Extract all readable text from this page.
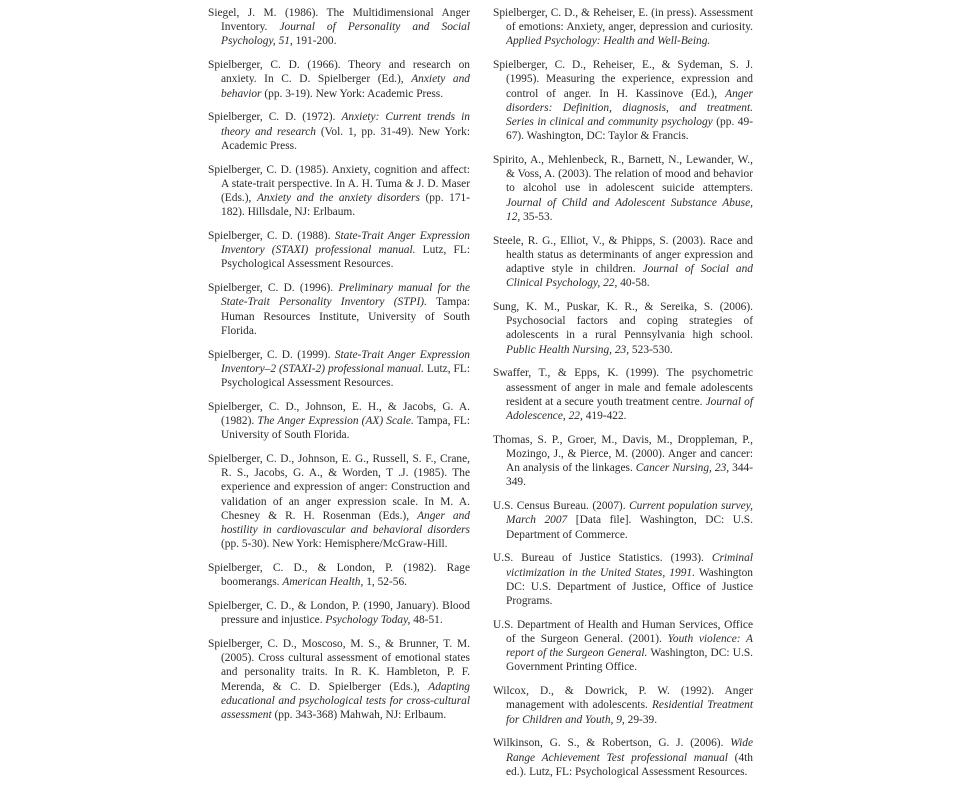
Siegel, J. M. (1986). The Multidimensional Anger Inventory. Journal of Personality and Social Psychology, 51, 191-200.

Spielberger, C. D. (1966). Theory and research on anxiety. In C. D. Spielberger (Ed.), Anxiety and behavior (pp. 3-19). New York: Academic Press.

Spielberger, C. D. (1972). Anxiety: Current trends in theory and research (Vol. 1, pp. 31-49). New York: Academic Press.

Spielberger, C. D. (1985). Anxiety, cognition and affect: A state-trait perspective. In A. H. Tuma & J. D. Maser (Eds.), Anxiety and the anxiety disorders (pp. 171-182). Hillsdale, NJ: Erlbaum.

Spielberger, C. D. (1988). State-Trait Anger Expression Inventory (STAXI) professional manual. Lutz, FL: Psychological Assessment Resources.

Spielberger, C. D. (1996). Preliminary manual for the State-Trait Personality Inventory (STPI). Tampa: Human Resources Institute, University of South Florida.

Spielberger, C. D. (1999). State-Trait Anger Expression Inventory–2 (STAXI-2) professional manual. Lutz, FL: Psychological Assessment Resources.

Spielberger, C. D., Johnson, E. H., & Jacobs, G. A. (1982). The Anger Expression (AX) Scale. Tampa, FL: University of South Florida.

Spielberger, C. D., Johnson, E. G., Russell, S. F., Crane, R. S., Jacobs, G. A., & Worden, T .J. (1985). The experience and expression of anger: Construction and validation of an anger expression scale. In M. A. Chesney & R. H. Rosenman (Eds.), Anger and hostility in cardiovascular and behavioral disorders (pp. 5-30). New York: Hemisphere/McGraw-Hill.

Spielberger, C. D., & London, P. (1982). Rage boomerangs. American Health, 1, 52-56.

Spielberger, C. D., & London, P. (1990, January). Blood pressure and injustice. Psychology Today, 48-51.

Spielberger, C. D., Moscoso, M. S., & Brunner, T. M. (2005). Cross cultural assessment of emotional states and personality traits. In R. K. Hambleton, P. F. Merenda, & C. D. Spielberger (Eds.), Adapting educational and psychological tests for cross-cultural assessment (pp. 343-368) Mahwah, NJ: Erlbaum.

Spielberger, C. D., & Reheiser, E. (in press). Assessment of emotions: Anxiety, anger, depression and curiosity. Applied Psychology: Health and Well-Being.

Spielberger, C. D., Reheiser, E., & Sydeman, S. J. (1995). Measuring the experience, expression and control of anger. In H. Kassinove (Ed.), Anger disorders: Definition, diagnosis, and treatment. Series in clinical and community psychology (pp. 49-67). Washington, DC: Taylor & Francis.

Spirito, A., Mehlenbeck, R., Barnett, N., Lewander, W., & Voss, A. (2003). The relation of mood and behavior to alcohol use in adolescent suicide attempters. Journal of Child and Adolescent Substance Abuse, 12, 35-53.

Steele, R. G., Elliot, V., & Phipps, S. (2003). Race and health status as determinants of anger expression and adaptive style in children. Journal of Social and Clinical Psychology, 22, 40-58.

Sung, K. M., Puskar, K. R., & Sereika, S. (2006). Psychosocial factors and coping strategies of adolescents in a rural Pennsylvania high school. Public Health Nursing, 23, 523-530.

Swaffer, T., & Epps, K. (1999). The psychometric assessment of anger in male and female adolescents resident at a secure youth treatment centre. Journal of Adolescence, 22, 419-422.

Thomas, S. P., Groer, M., Davis, M., Droppleman, P., Mozingo, J., & Pierce, M. (2000). Anger and cancer: An analysis of the linkages. Cancer Nursing, 23, 344-349.

U.S. Census Bureau. (2007). Current population survey, March 2007 [Data file]. Washington, DC: U.S. Department of Commerce.

U.S. Bureau of Justice Statistics. (1993). Criminal victimization in the United States, 1991. Washington DC: U.S. Department of Justice, Office of Justice Programs.

U.S. Department of Health and Human Services, Office of the Surgeon General. (2001). Youth violence: A report of the Surgeon General. Washington, DC: U.S. Government Printing Office.

Wilcox, D., & Dowrick, P. W. (1992). Anger management with adolescents. Residential Treatment for Children and Youth, 9, 29-39.

Wilkinson, G. S., & Robertson, G. J. (2006). Wide Range Achievement Test professional manual (4th ed.). Lutz, FL: Psychological Assessment Resources.
